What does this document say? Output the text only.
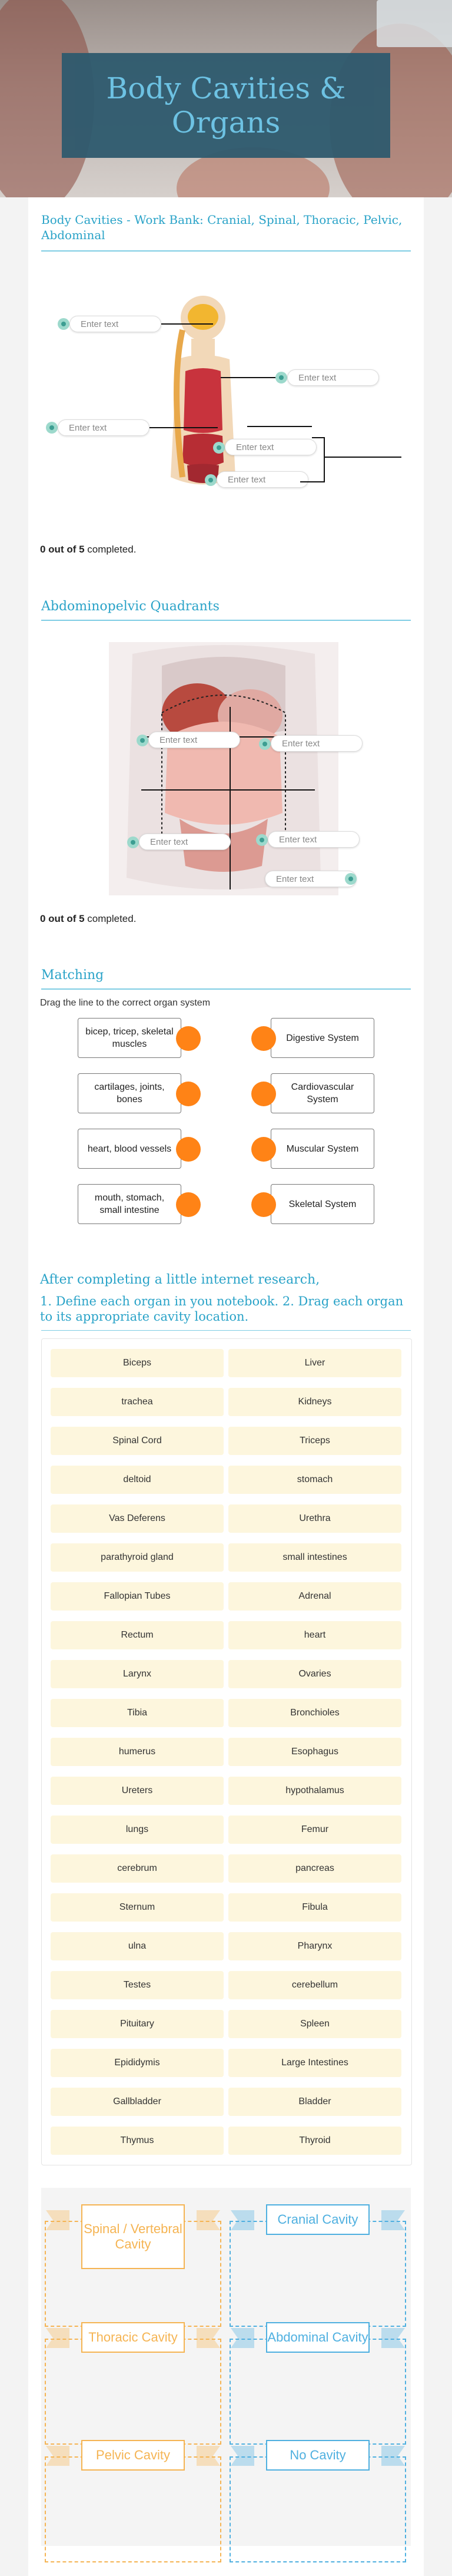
Body Cavities & Organs
Body Cavities - Work Bank: Cranial, Spinal, Thoracic, Pelvic, Abdominal
Enter text
Enter text
Enter text
Enter text
Enter text
0 out of 5 completed.
Abdominopelvic Quadrants
Enter text	Enter text
Enter text	Enter text
Enter text
0 out of 5 completed.
Matching
Drag the line to the correct organ system
bicep, tricep, skeletal muscles
cartilages, joints, bones
heart, blood vessels
mouth, stomach, small intestine
Digestive System
Cardiovascular System
Muscular System
Skeletal System
After completing a little internet research,
1. Define each organ in you notebook. 2. Drag each organ to its appropriate cavity location.
Biceps	Liver
trachea	Kidneys
Spinal Cord	Triceps
deltoid	stomach
Vas Deferens	Urethra
parathyroid gland	small intestines
Fallopian Tubes	Adrenal
Rectum	heart
Larynx	Ovaries
Tibia	Bronchioles
humerus	Esophagus
Ureters	hypothalamus
lungs	Femur
cerebrum	pancreas
Sternum	Fibula
ulna	Pharynx
Testes	cerebellum
Pituitary	Spleen
Epididymis	Large Intestines
Gallbladder	Bladder
Thymus	Thyroid
Spinal / Vertebral Cavity
Cranial Cavity
Thoracic Cavity	Abdominal Cavity
Pelvic Cavity	No Cavity
